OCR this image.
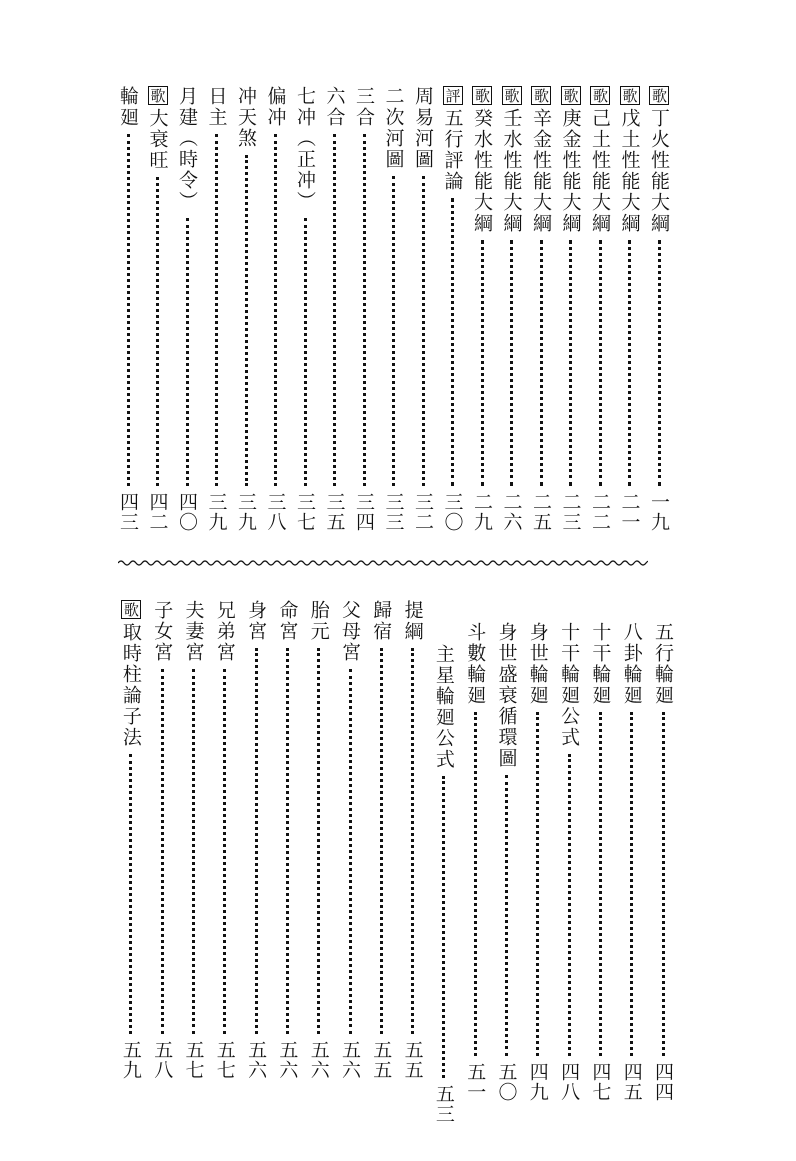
歌
丁火性能大綱
一九
歌
戊土性能大綱
二一
歌
己土性能大綱
二二
歌
庚金性能大綱
二三
歌
辛金性能大綱
二五
歌
壬水性能大綱
二六
歌
癸水性能大綱
二九
評
五行評論
三〇
周易河圖
三二
二次河圖
三三
三合
三四
六合
三五
七冲（正冲）
三七
偏冲
三八
冲天煞
三九
日主
三九
月建（時令）
四〇
歌
大衰旺
四二
輪廻
四三
五行輪廻
四四
八卦輪廻
四五
十干輪廻
四七
十干輪廻公式
四八
身世輪廻
四九
身世盛衰循環圖
五〇
斗數輪廻
五一
主星輪廻公式
五三
提綱
五五
歸宿
五五
父母宮
五六
胎元
五六
命宮
五六
身宮
五六
兄弟宮
五七
夫妻宮
五七
子女宮
五八
歌
取時柱論子法
五九
